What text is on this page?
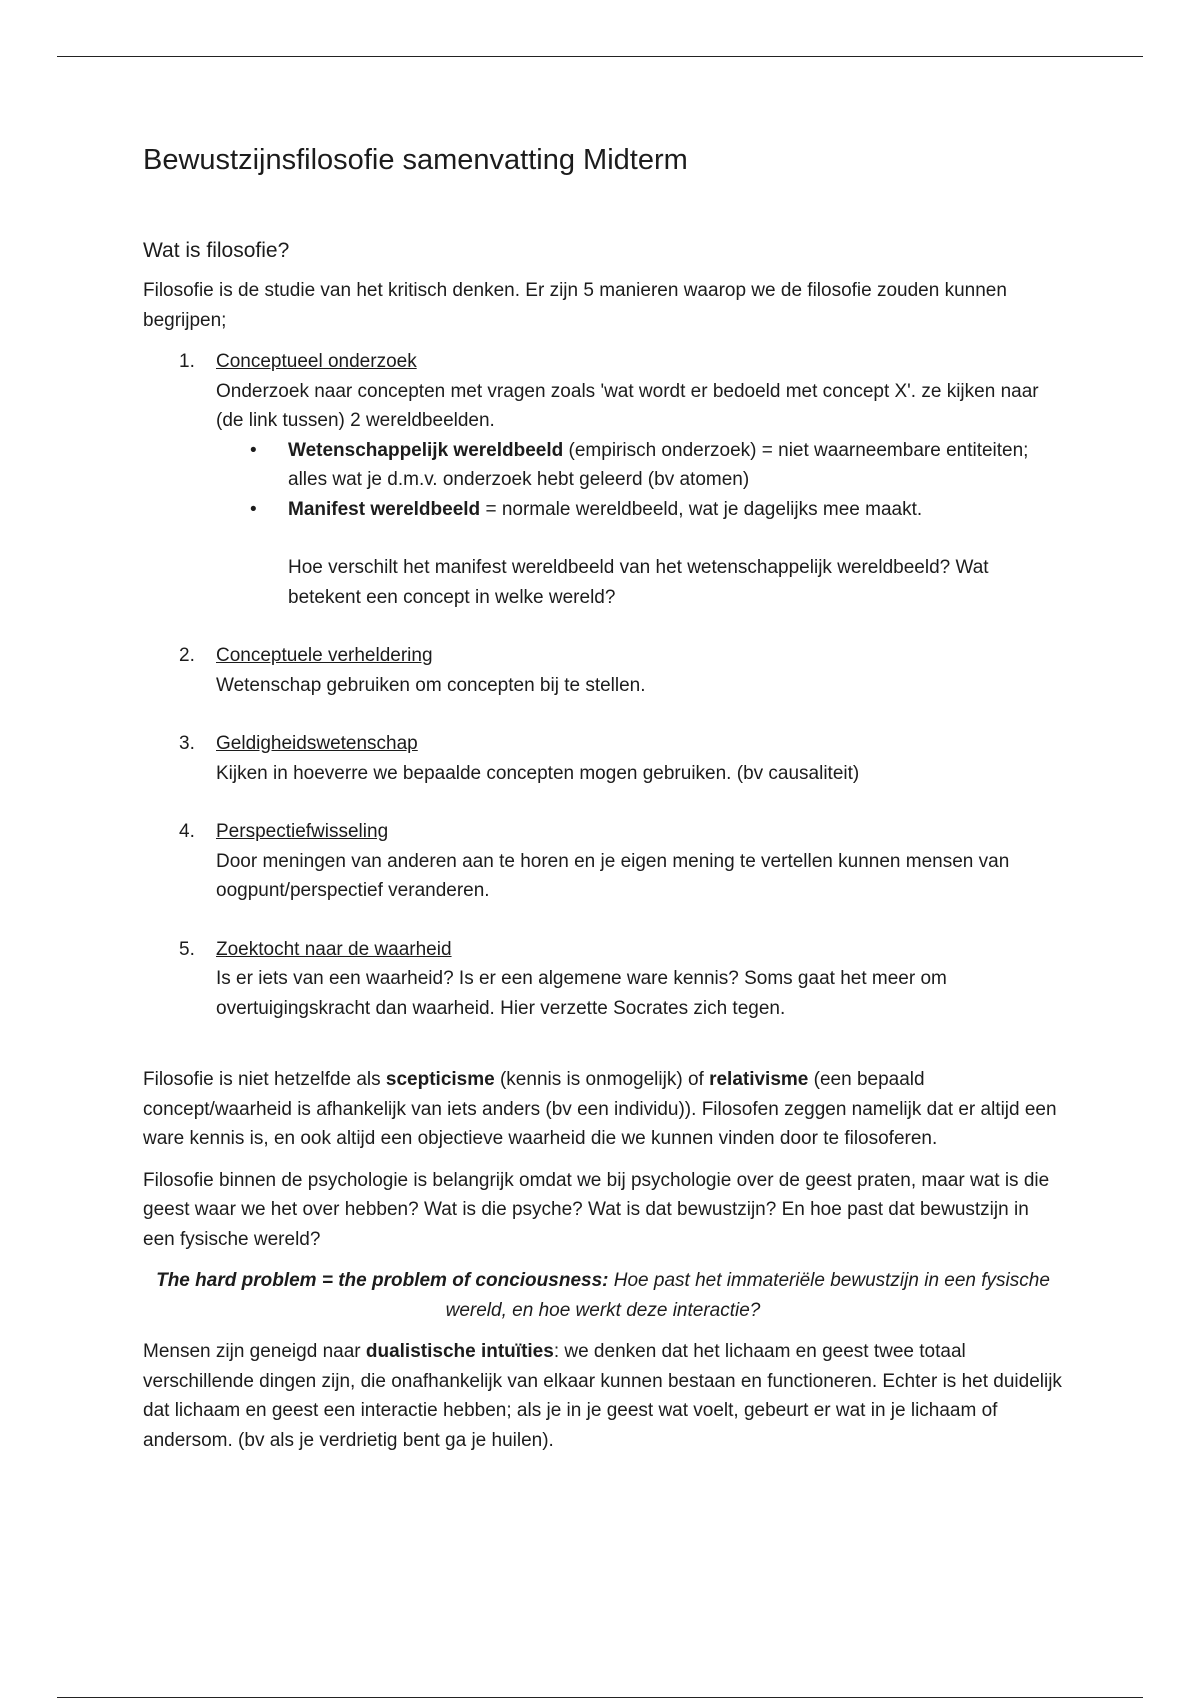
Bewustzijnsfilosofie samenvatting Midterm
Wat is filosofie?

Filosofie is de studie van het kritisch denken. Er zijn 5 manieren waarop we de filosofie zouden kunnen begrijpen;

1. Conceptueel onderzoek
Onderzoek naar concepten met vragen zoals 'wat wordt er bedoeld met concept X'. ze kijken naar (de link tussen) 2 wereldbeelden.
• Wetenschappelijk wereldbeeld (empirisch onderzoek) = niet waarneembare entiteiten; alles wat je d.m.v. onderzoek hebt geleerd (bv atomen)
• Manifest wereldbeeld = normale wereldbeeld, wat je dagelijks mee maakt.
Hoe verschilt het manifest wereldbeeld van het wetenschappelijk wereldbeeld? Wat betekent een concept in welke wereld?
2. Conceptuele verheldering
Wetenschap gebruiken om concepten bij te stellen.
3. Geldigheidswetenschap
Kijken in hoeverre we bepaalde concepten mogen gebruiken. (bv causaliteit)
4. Perspectiefwisseling
Door meningen van anderen aan te horen en je eigen mening te vertellen kunnen mensen van oogpunt/perspectief veranderen.
5. Zoektocht naar de waarheid
Is er iets van een waarheid? Is er een algemene ware kennis? Soms gaat het meer om overtuigingskracht dan waarheid. Hier verzette Socrates zich tegen.

Filosofie is niet hetzelfde als scepticisme (kennis is onmogelijk) of relativisme (een bepaald concept/waarheid is afhankelijk van iets anders (bv een individu)). Filosofen zeggen namelijk dat er altijd een ware kennis is, en ook altijd een objectieve waarheid die we kunnen vinden door te filosoferen.

Filosofie binnen de psychologie is belangrijk omdat we bij psychologie over de geest praten, maar wat is die geest waar we het over hebben? Wat is die psyche? Wat is dat bewustzijn? En hoe past dat bewustzijn in een fysische wereld?

The hard problem = the problem of conciousness: Hoe past het immateriële bewustzijn in een fysische wereld, en hoe werkt deze interactie?

Mensen zijn geneigd naar dualistische intuïties: we denken dat het lichaam en geest twee totaal verschillende dingen zijn, die onafhankelijk van elkaar kunnen bestaan en functioneren. Echter is het duidelijk dat lichaam en geest een interactie hebben; als je in je geest wat voelt, gebeurt er wat in je lichaam of andersom. (bv als je verdrietig bent ga je huilen).
